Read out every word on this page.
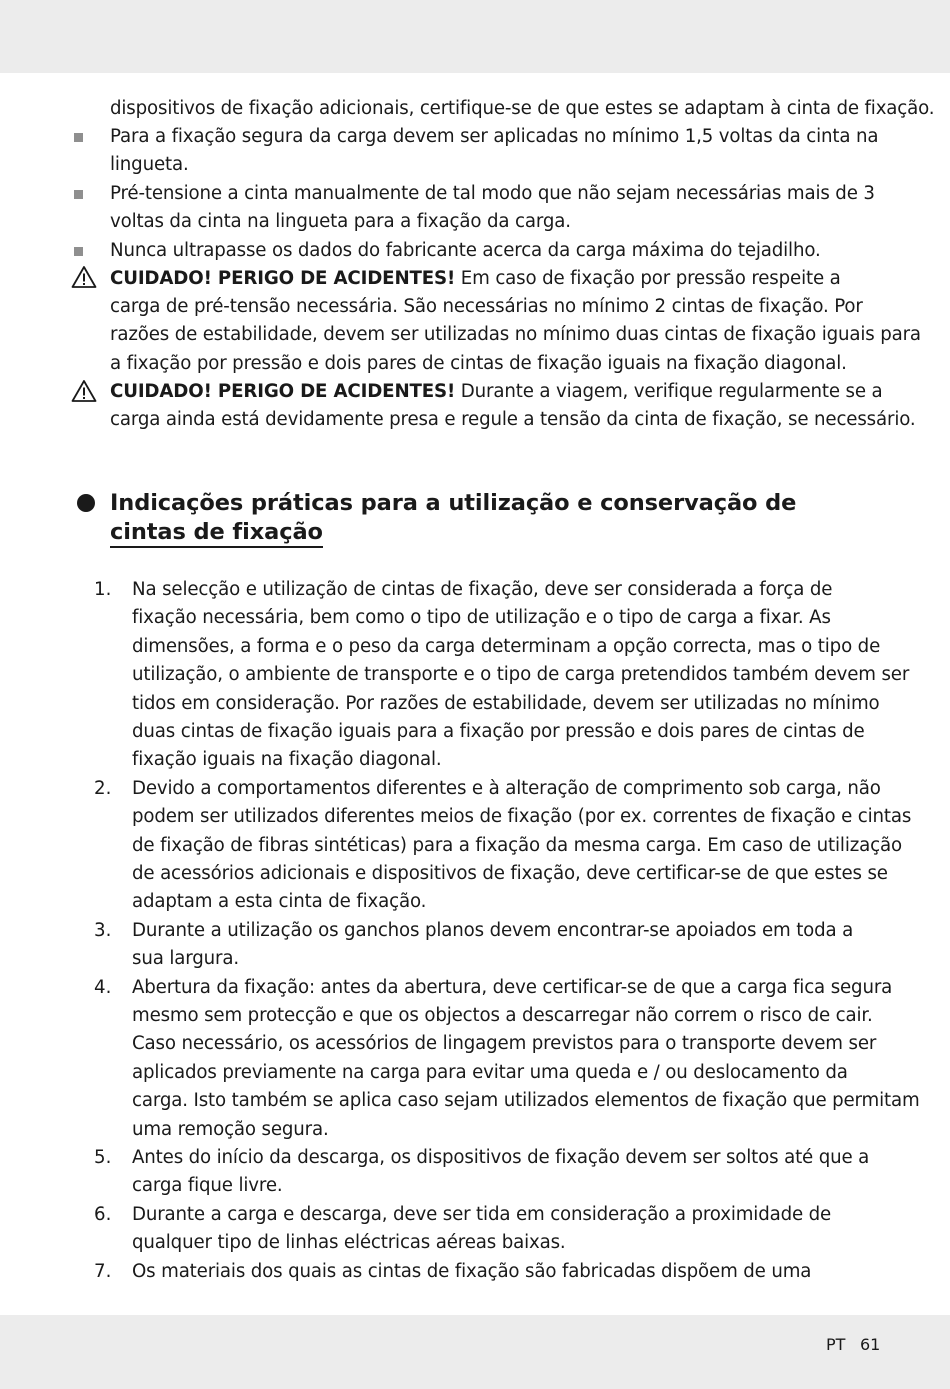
dispositivos de fixação adicionais, certifique-se de que estes se adaptam à cinta de fixação.
Para a fixação segura da carga devem ser aplicadas no mínimo 1,5 voltas da cinta na
lingueta.
Pré-tensione a cinta manualmente de tal modo que não sejam necessárias mais de 3
voltas da cinta na lingueta para a fixação da carga.
Nunca ultrapasse os dados do fabricante acerca da carga máxima do tejadilho.
CUIDADO! PERIGO DE ACIDENTES! Em caso de fixação por pressão respeite a
carga de pré-tensão necessária. São necessárias no mínimo 2 cintas de fixação. Por
razões de estabilidade, devem ser utilizadas no mínimo duas cintas de fixação iguais para
a fixação por pressão e dois pares de cintas de fixação iguais na fixação diagonal.
CUIDADO! PERIGO DE ACIDENTES! Durante a viagem, verifique regularmente se a
carga ainda está devidamente presa e regule a tensão da cinta de fixação, se necessário.
Indicações práticas para a utilização e conservação de
cintas de fixação
1. Na selecção e utilização de cintas de fixação, deve ser considerada a força de
fixação necessária, bem como o tipo de utilização e o tipo de carga a fixar. As
dimensões, a forma e o peso da carga determinam a opção correcta, mas o tipo de
utilização, o ambiente de transporte e o tipo de carga pretendidos também devem ser
tidos em consideração. Por razões de estabilidade, devem ser utilizadas no mínimo
duas cintas de fixação iguais para a fixação por pressão e dois pares de cintas de
fixação iguais na fixação diagonal.
2. Devido a comportamentos diferentes e à alteração de comprimento sob carga, não
podem ser utilizados diferentes meios de fixação (por ex. correntes de fixação e cintas
de fixação de fibras sintéticas) para a fixação da mesma carga. Em caso de utilização
de acessórios adicionais e dispositivos de fixação, deve certificar-se de que estes se
adaptam a esta cinta de fixação.
3. Durante a utilização os ganchos planos devem encontrar-se apoiados em toda a
sua largura.
4. Abertura da fixação: antes da abertura, deve certificar-se de que a carga fica segura
mesmo sem protecção e que os objectos a descarregar não correm o risco de cair.
Caso necessário, os acessórios de lingagem previstos para o transporte devem ser
aplicados previamente na carga para evitar uma queda e / ou deslocamento da
carga. Isto também se aplica caso sejam utilizados elementos de fixação que permitam
uma remoção segura.
5. Antes do início da descarga, os dispositivos de fixação devem ser soltos até que a
carga fique livre.
6. Durante a carga e descarga, deve ser tida em consideração a proximidade de
qualquer tipo de linhas eléctricas aéreas baixas.
7. Os materiais dos quais as cintas de fixação são fabricadas dispõem de uma
PT 61
